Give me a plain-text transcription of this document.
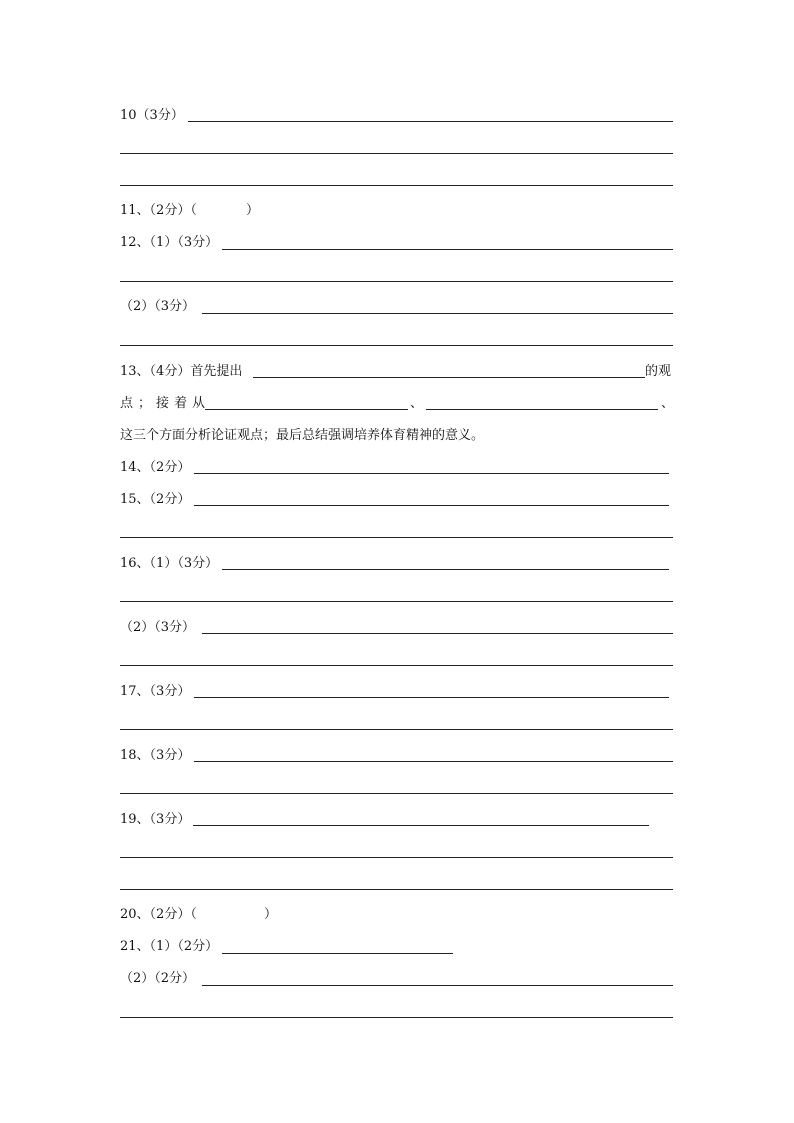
10（3分）
11、（2分）（	）
12、（1）（3分）
（2）（3分）
13、（4分）首先提出	的观
点；接着从	、	、
这三个方面分析论证观点；最后总结强调培养体育精神的意义。
14、（2分）
15、（2分）
16、（1）（3分）
（2）（3分）
17、（3分）
18、（3分）
19、（3分）
20、（2分）（	）
21、（1）（2分）
（2）（2分）
